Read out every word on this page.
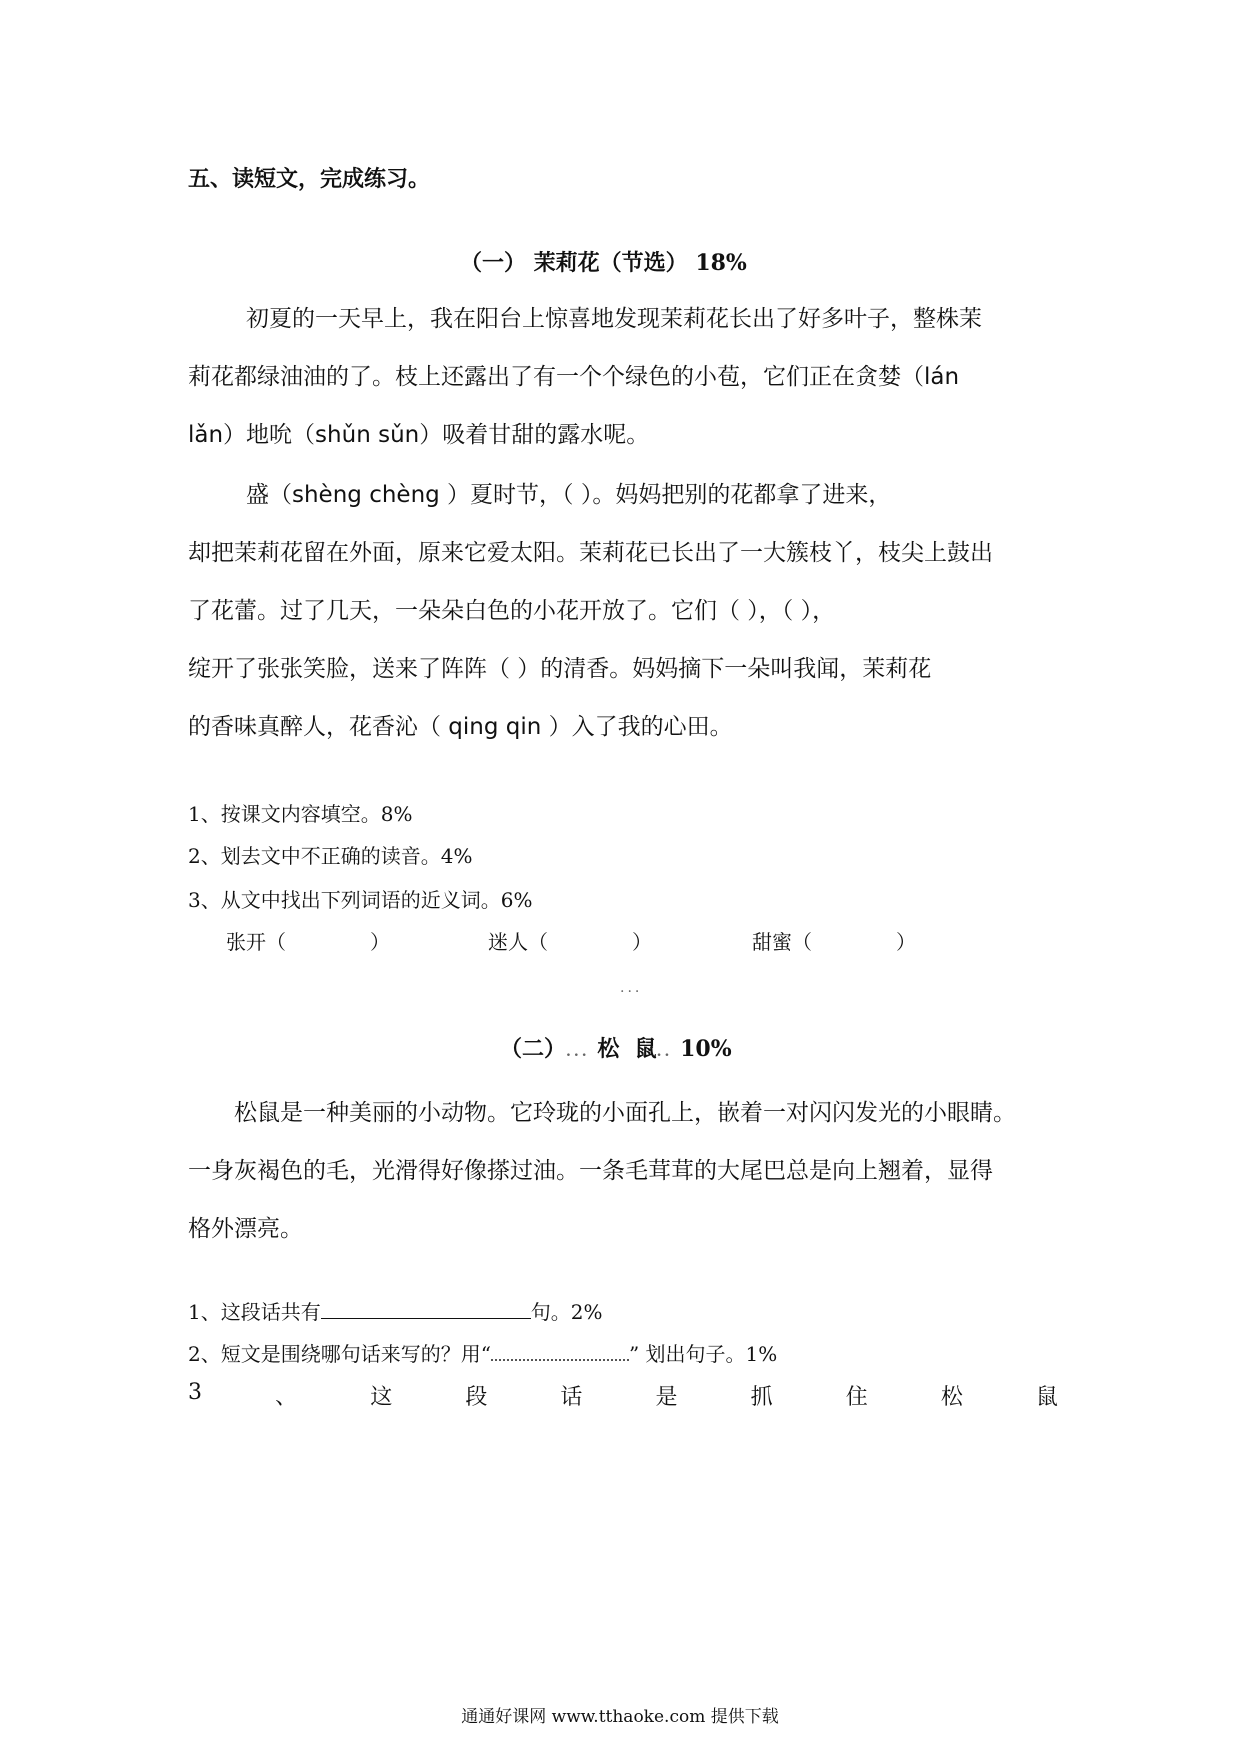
五、读短文，完成练习。
（一） 茉莉花（节选） 18%
初夏的一天早上，我在阳台上惊喜地发现茉莉花长出了好多叶子，整株茉
莉花都绿油油的了。枝上还露出了有一个个绿色的小苞，它们正在贪婪（lán
lǎn）地吮（shǔn sǔn）吸着甘甜的露水呢。
盛（shèng chèng ）夏时节，（ ）。妈妈把别的花都拿了进来，
却把茉莉花留在外面，原来它爱太阳。茉莉花已长出了一大簇枝丫，枝尖上鼓出
了花蕾。过了几天，一朵朵白色的小花开放了。它们（ ），（ ），
绽开了张张笑脸，送来了阵阵（ ）的清香。妈妈摘下一朵叫我闻，茉莉花
的香味真醉人，花香沁（ qing qin ）入了我的心田。
1、按课文内容填空。8%
2、划去文中不正确的读音。4%
3、从文中找出下列词语的近义词。6%
张开（	）	迷人（	）	甜蜜（	）
...
（二）... 松 鼠.. 10%
松鼠是一种美丽的小动物。它玲珑的小面孔上，嵌着一对闪闪发光的小眼睛。
一身灰褐色的毛，光滑得好像搽过油。一条毛茸茸的大尾巴总是向上翘着，显得
格外漂亮。
1、这段话共有	句。2%
2、短文是围绕哪句话来写的？用“	” 划出句子。1%
3	、	这	段	话	是	抓	住	松	鼠
通通好课网 www.tthaoke.com 提供下载
